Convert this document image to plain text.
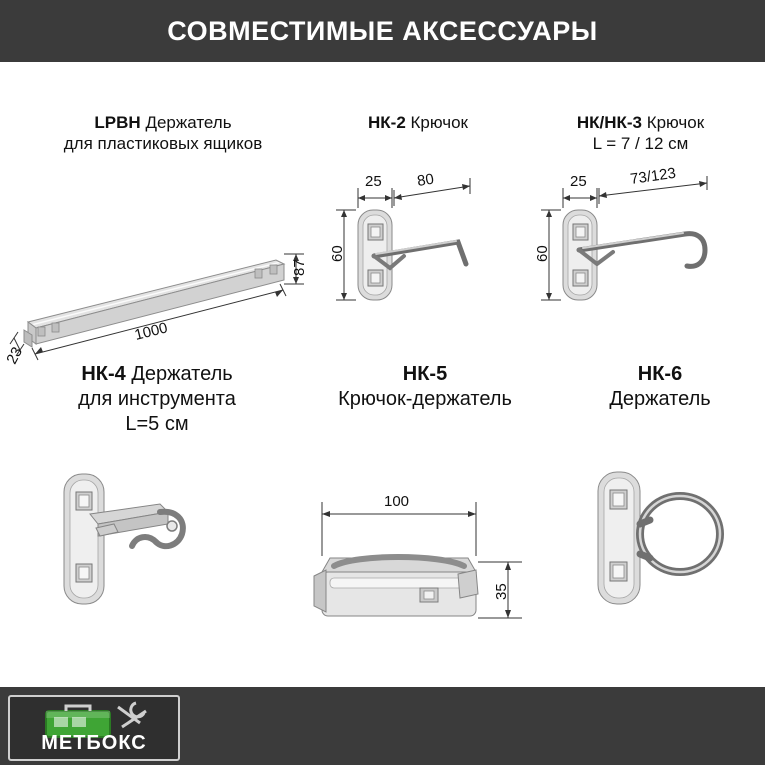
СОВМЕСТИМЫЕ АКСЕССУАРЫ
LPBH Держатель
для пластиковых ящиков
87
1000
23
НК-2 Крючок
25 80
60
НК/НК-3 Крючок
L = 7 / 12 см
25	73/123
60
НК-4 Держатель
для инструмента
L=5 см
НК-5
Крючок-держатель
100
35
НК-6
Держатель
МЕТБОКС
